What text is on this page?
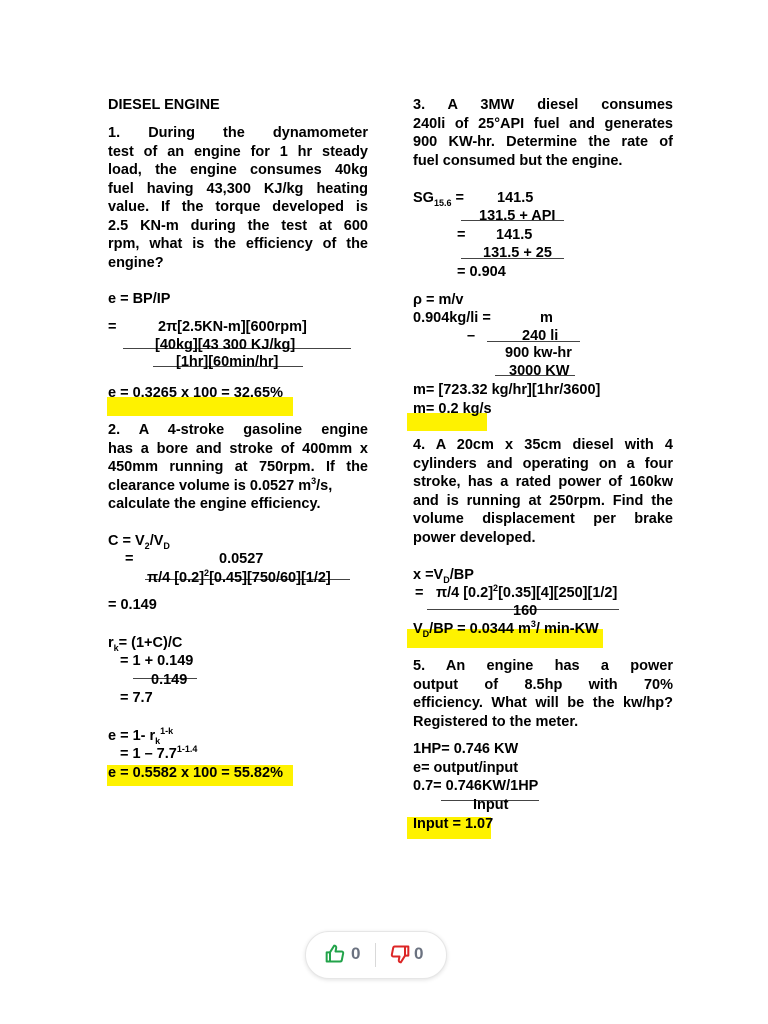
DIESEL ENGINE
1. During the dynamometer
test of an engine for 1 hr steady
load, the engine consumes 40kg
fuel having 43,300 KJ/kg heating
value. If the torque developed is
2.5 KN-m during the test at 600
rpm, what is the efficiency of the
engine?
e = BP/IP
=	2π[2.5KN-m][600rpm]
[40kg][43 300 KJ/kg]
[1hr][60min/hr]
e = 0.3265 x 100 = 32.65%
2. A 4-stroke gasoline engine
has a bore and stroke of 400mm x
450mm running at 750rpm. If the
clearance volume is 0.0527 $m^3/s$,
calculate the engine efficiency.
$C = V_2/V_D$
=	0.0527
π/4 $[0.2]^2[0.45][750/60][1/2]$
= 0.149
$r_k= (1+C)/C$
= 1 + 0.149
0.149
= 7.7
e = 1- $r_k^{1-k}$
= $1 - 7.7^{1-1.4}$
e = 0.5582 x 100 = 55.82%
3. A 3MW diesel consumes
240li of 25°API fuel and generates
900 KW-hr. Determine the rate of
fuel consumed but the engine.
$SG_{15.6} = 141.5$
131.5 + API
= 141.5
131.5 + 25
= 0.904
ρ = m/v
0.904kg/li =	m
–	240 li
900 kw-hr
3000 KW
m= [723.32 kg/hr][1hr/3600]
m= 0.2 kg/s
4. A 20cm x 35cm diesel with 4
cylinders and operating on a four
stroke, has a rated power of 160kw
and is running at 250rpm. Find the
volume displacement per brake
power developed.
$x =V_D/BP$
= π/4 $[0.2]^2[0.35][4][250][1/2]$
160
$V_D/BP = 0.0344$ $m^3/$ min-KW
5. An engine has a power
output of 8.5hp with 70%
efficiency. What will be the kw/hp?
Registered to the meter.
1HP= 0.746 KW
e= output/input
0.7= 0.746KW/1HP
Input
Input = 1.07
0	0
